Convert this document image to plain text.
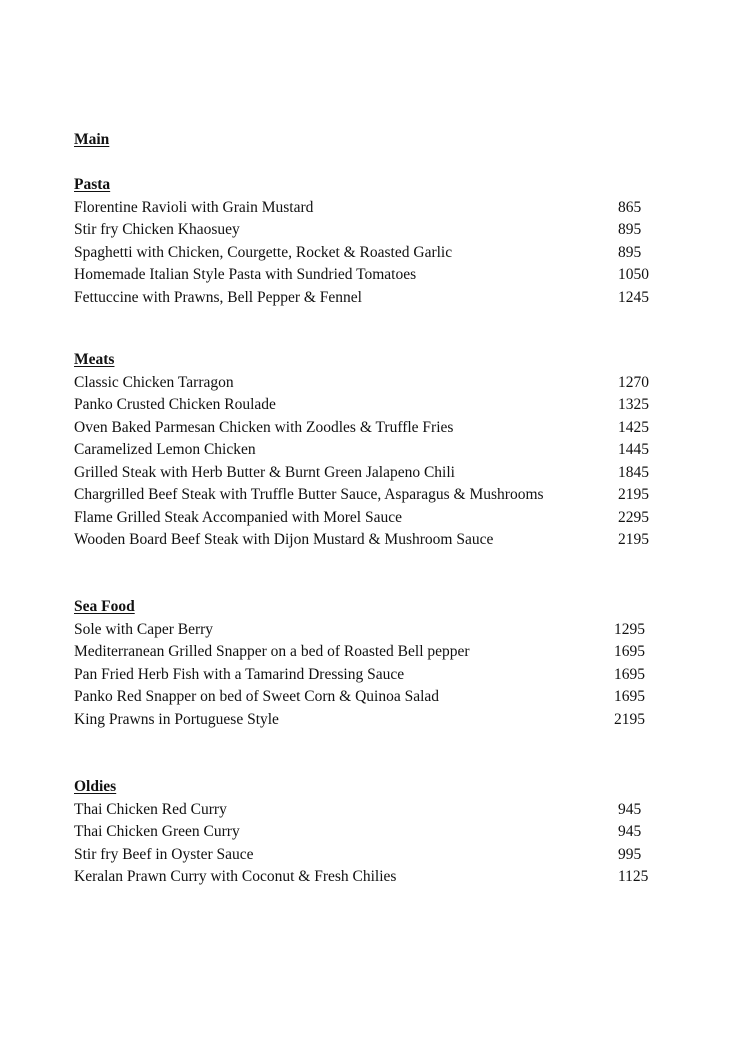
Main
Pasta
Florentine Ravioli with Grain Mustard	865
Stir fry Chicken Khaosuey	895
Spaghetti with Chicken, Courgette, Rocket & Roasted Garlic	895
Homemade Italian Style Pasta with Sundried Tomatoes	1050
Fettuccine with Prawns, Bell Pepper & Fennel	1245
Meats
Classic Chicken Tarragon	1270
Panko Crusted Chicken Roulade	1325
Oven Baked Parmesan Chicken with Zoodles & Truffle Fries	1425
Caramelized Lemon Chicken	1445
Grilled Steak with Herb Butter & Burnt Green Jalapeno Chili	1845
Chargrilled Beef Steak with Truffle Butter Sauce, Asparagus & Mushrooms	2195
Flame Grilled Steak Accompanied with Morel Sauce	2295
Wooden Board Beef Steak with Dijon Mustard & Mushroom Sauce	2195
Sea Food
Sole with Caper Berry	1295
Mediterranean Grilled Snapper on a bed of Roasted Bell pepper	1695
Pan Fried Herb Fish with a Tamarind Dressing Sauce	1695
Panko Red Snapper on bed of Sweet Corn & Quinoa Salad	1695
King Prawns in Portuguese Style	2195
Oldies
Thai Chicken Red Curry	945
Thai Chicken Green Curry	945
Stir fry Beef in Oyster Sauce	995
Keralan Prawn Curry with Coconut & Fresh Chilies	1125
